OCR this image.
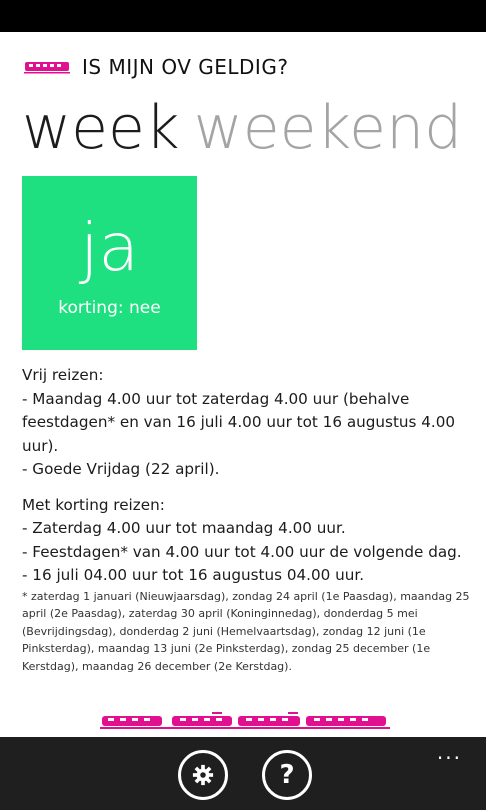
IS MIJN OV GELDIG?
week weekend
ja
korting: nee

Vrij reizen:

- Maandag 4.00 uur tot zaterdag 4.00 uur (behalve feestdagen* en van 16 juli 4.00 uur tot 16 augustus 4.00 uur).

- Goede Vrijdag (22 april).

Met korting reizen:

- Zaterdag 4.00 uur tot maandag 4.00 uur.

- Feestdagen* van 4.00 uur tot 4.00 uur de volgende dag.

- 16 juli 04.00 uur tot 16 augustus 04.00 uur.

* zaterdag 1 januari (Nieuwjaarsdag), zondag 24 april (1e Paasdag), maandag 25 april (2e Paasdag), zaterdag 30 april (Koninginnedag), donderdag 5 mei (Bevrijdingsdag), donderdag 2 juni (Hemelvaartsdag), zondag 12 juni (1e Pinksterdag), maandag 13 juni (2e Pinksterdag), zondag 25 december (1e Kerstdag), maandag 26 december (2e Kerstdag).

?
...
